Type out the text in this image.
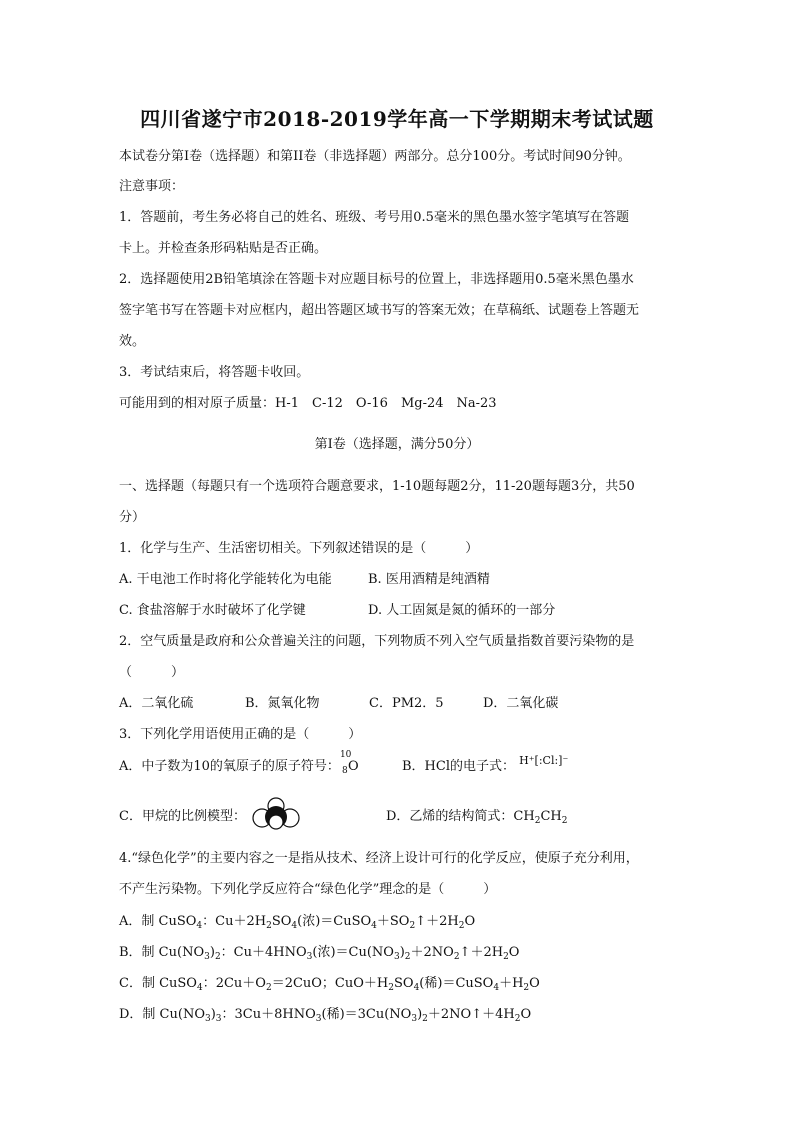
四川省遂宁市2018-2019学年高一下学期期末考试试题
本试卷分第I卷（选择题）和第II卷（非选择题）两部分。总分100分。考试时间90分钟。
注意事项：
1．答题前，考生务必将自己的姓名、班级、考号用0.5毫米的黑色墨水签字笔填写在答题
卡上。并检查条形码粘贴是否正确。
2．选择题使用2B铅笔填涂在答题卡对应题目标号的位置上，非选择题用0.5毫米黑色墨水
签字笔书写在答题卡对应框内，超出答题区域书写的答案无效；在草稿纸、试题卷上答题无
效。
3．考试结束后，将答题卡收回。
可能用到的相对原子质量：H-1　C-12　O-16　Mg-24　Na-23
第I卷（选择题，满分50分）
一、选择题（每题只有一个选项符合题意要求，1-10题每题2分，11-20题每题3分，共50
分）
1．化学与生产、生活密切相关。下列叙述错误的是（　　　）
A. 干电池工作时将化学能转化为电能	B. 医用酒精是纯酒精
C. 食盐溶解于水时破坏了化学键	D. 人工固氮是氮的循环的一部分
2．空气质量是政府和公众普遍关注的问题，下列物质不列入空气质量指数首要污染物的是
（　　　）
A．二氧化硫	B．氮氧化物	C．PM2．5	D．二氧化碳
3．下列化学用语使用正确的是（　　　）
A．中子数为10的氧原子的原子符号：
10
8 O	B．HCl的电子式： $^{H^+[:Cl:]^-}$
C．甲烷的比例模型：	D．乙烯的结构简式：$CH_2CH_2$
4.“绿色化学”的主要内容之一是指从技术、经济上设计可行的化学反应，使原子充分利用，
不产生污染物。下列化学反应符合“绿色化学”理念的是（　　　）
A．制 CuSO$_4$：$Cu+2H_2SO_4$(浓)$=CuSO_4+SO_2↑+2H_2O$
B．制 $Cu(NO_3)_2$：$Cu+4HNO_3$(浓)$=Cu(NO_3)_2+2NO_2↑+2H_2O$
C．制 CuSO$_4$：$2Cu+O_2=2CuO$；$CuO+H_2SO_4$(稀)$=CuSO_4+H_2O$
D．制 $Cu(NO_3)_3$：$3Cu+8HNO_3$(稀)$=3Cu(NO_3)_2+2NO↑+4H_2O$
